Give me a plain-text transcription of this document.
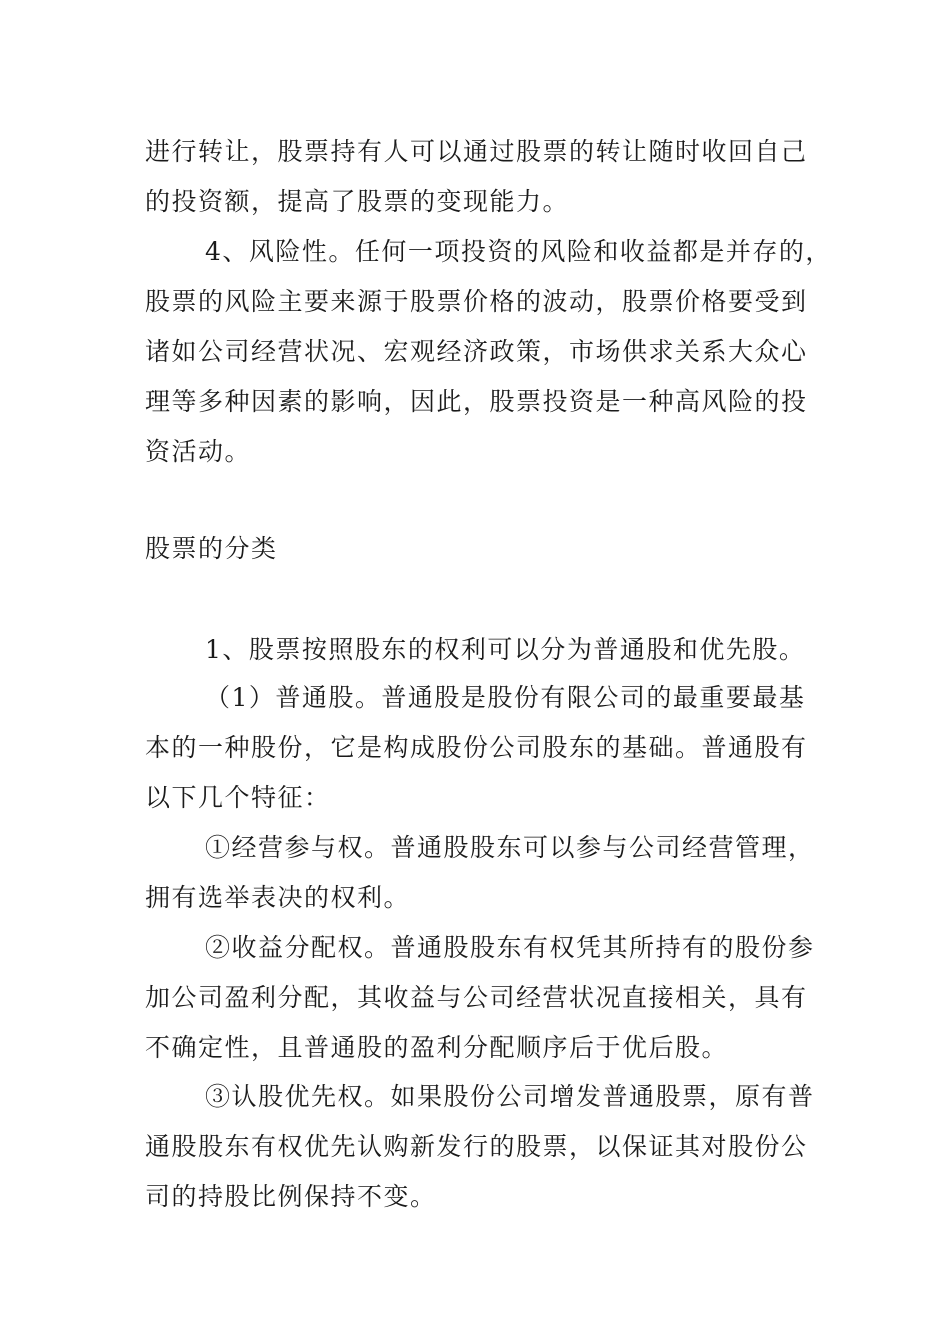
进行转让，股票持有人可以通过股票的转让随时收回自己
的投资额，提高了股票的变现能力。
4、风险性。任何一项投资的风险和收益都是并存的，
股票的风险主要来源于股票价格的波动，股票价格要受到
诸如公司经营状况、宏观经济政策，市场供求关系大众心
理等多种因素的影响，因此，股票投资是一种高风险的投
资活动。
股票的分类
1、股票按照股东的权利可以分为普通股和优先股。
（1）普通股。普通股是股份有限公司的最重要最基
本的一种股份，它是构成股份公司股东的基础。普通股有
以下几个特征：
①经营参与权。普通股股东可以参与公司经营管理，
拥有选举表决的权利。
②收益分配权。普通股股东有权凭其所持有的股份参
加公司盈利分配，其收益与公司经营状况直接相关，具有
不确定性，且普通股的盈利分配顺序后于优后股。
③认股优先权。如果股份公司增发普通股票，原有普
通股股东有权优先认购新发行的股票，以保证其对股份公
司的持股比例保持不变。
